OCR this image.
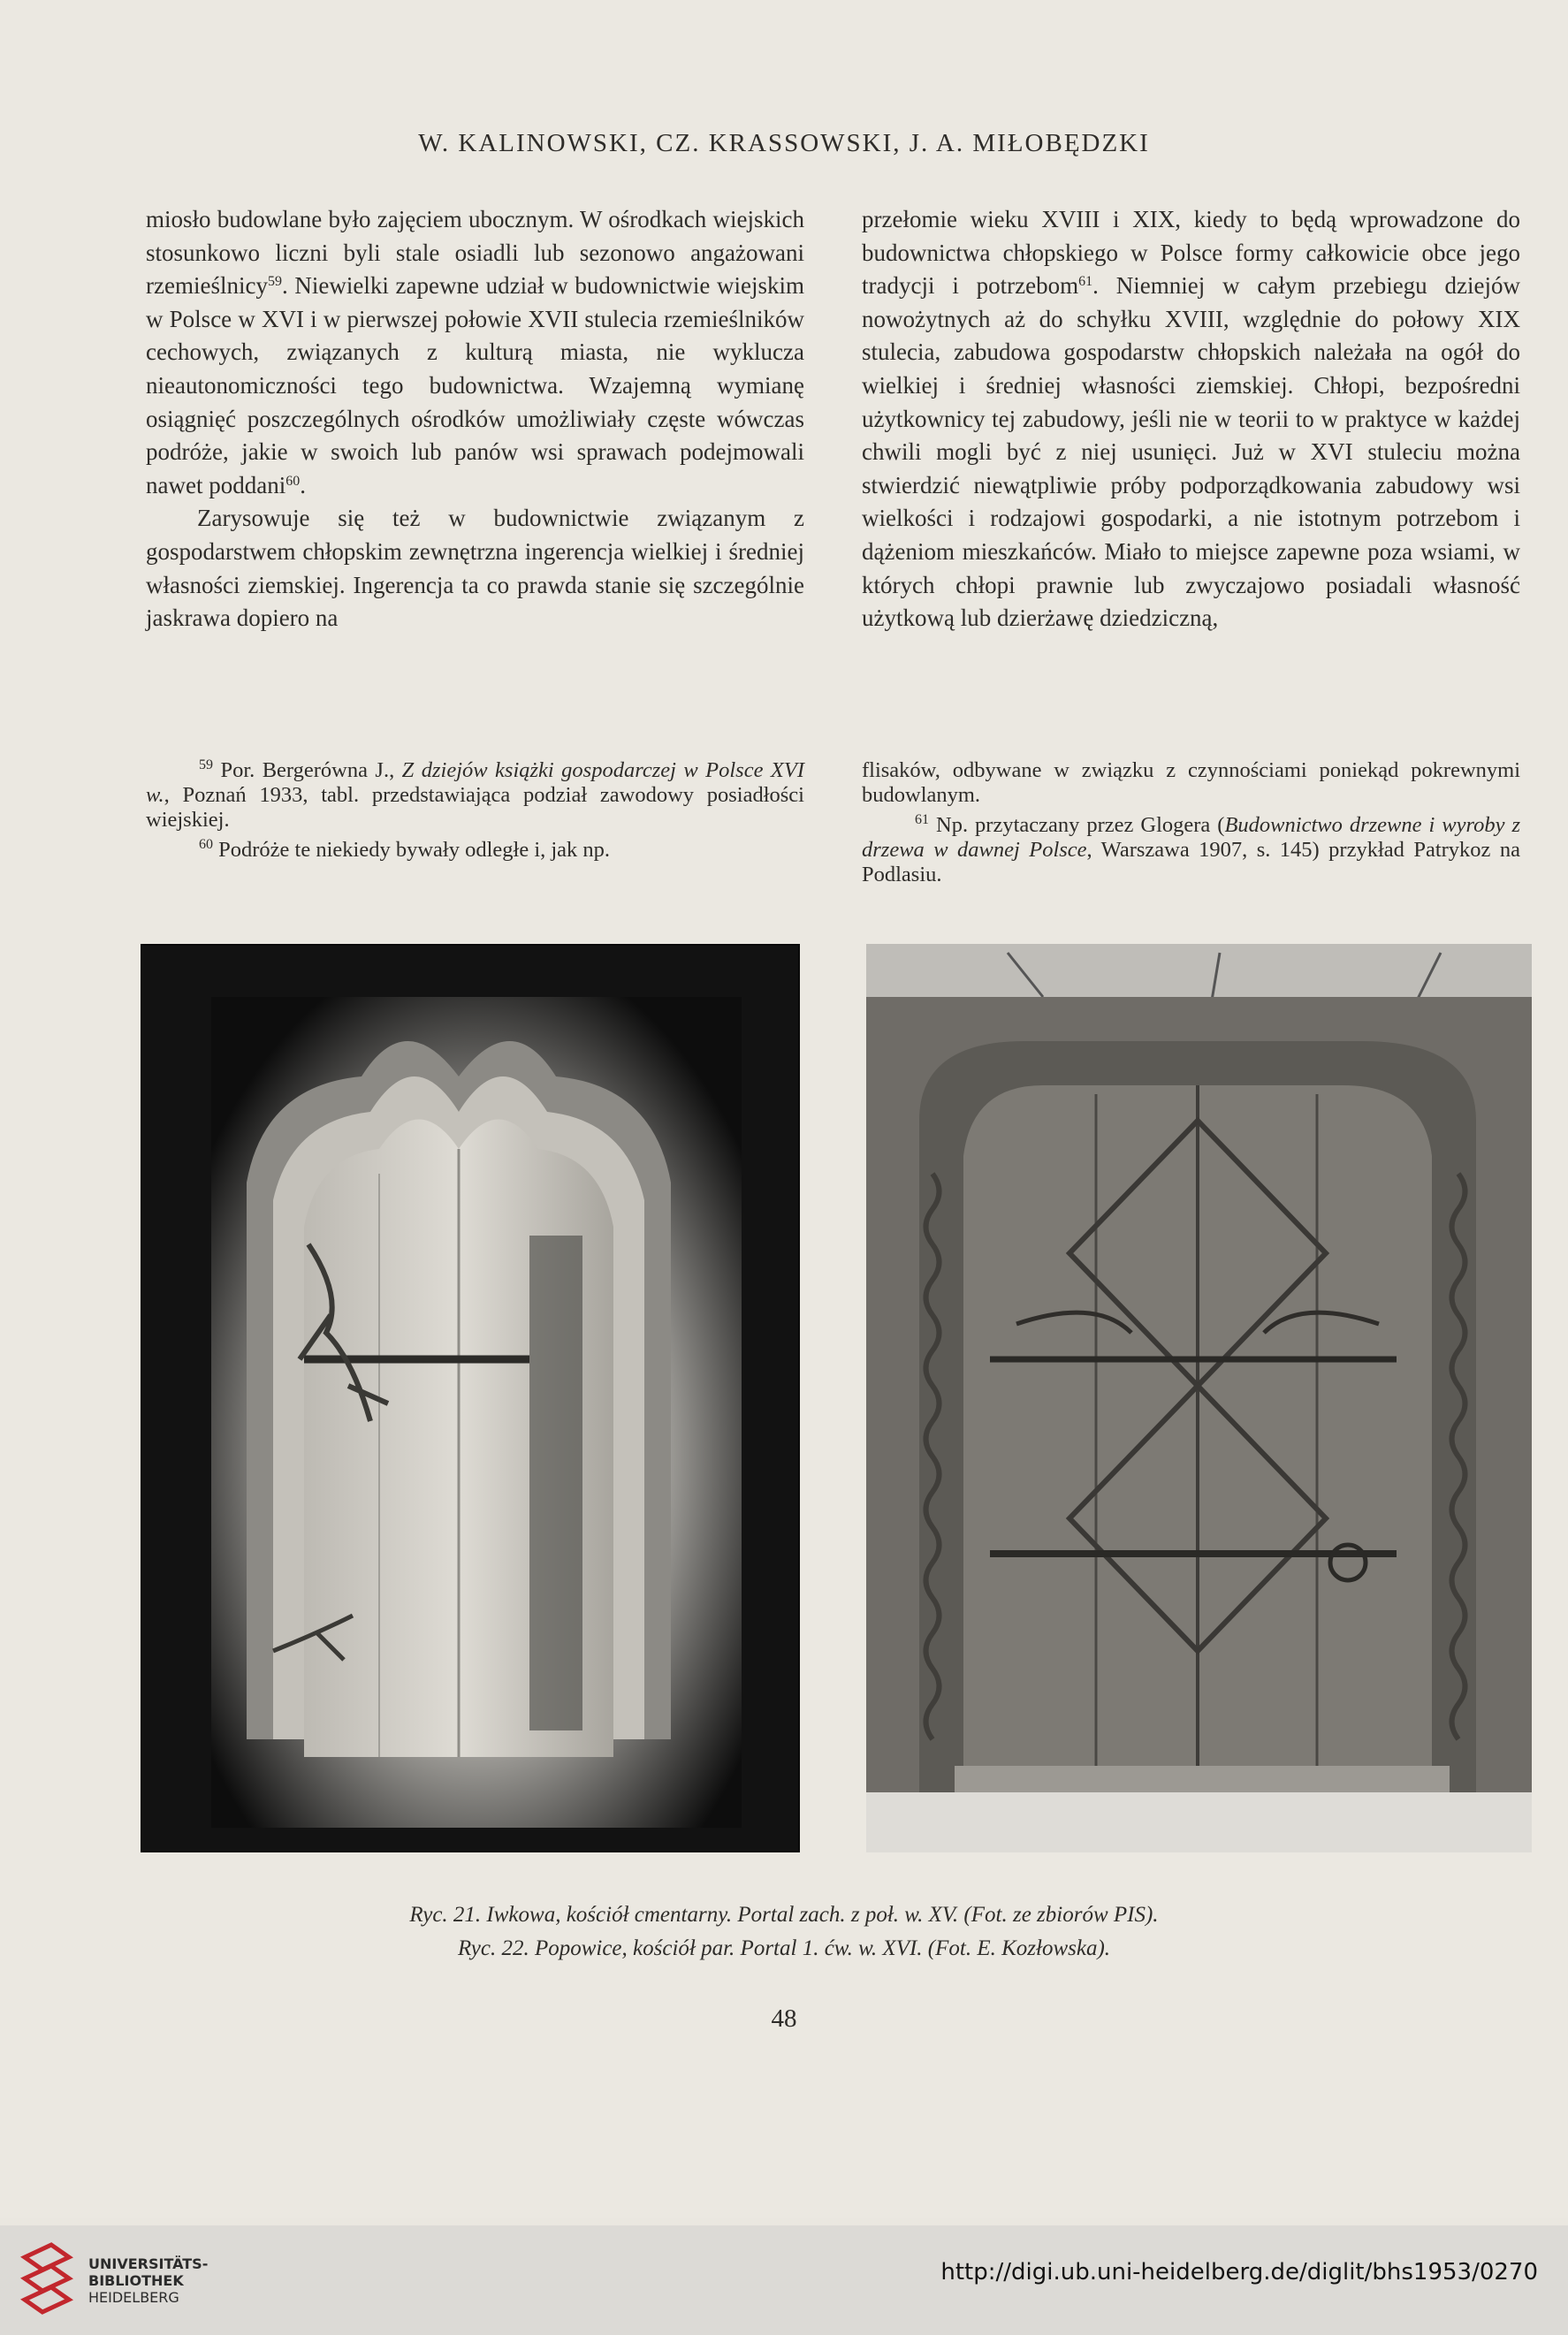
W. KALINOWSKI, CZ. KRASSOWSKI, J. A. MIŁOBĘDZKI

miosło budowlane było zajęciem ubocznym. W ośrodkach wiejskich stosunkowo liczni byli stale osiadli lub sezonowo angażowani rzemieślnicy$^{59}$. Niewielki zapewne udział w budownictwie wiejskim w Polsce w XVI i w pierwszej połowie XVII stulecia rzemieślników cechowych, związanych z kulturą miasta, nie wyklucza nieautonomiczności tego budownictwa. Wzajemną wymianę osiągnięć poszczególnych ośrodków umożliwiały częste wówczas podróże, jakie w swoich lub panów wsi sprawach podejmowali nawet poddani$^{60}$.

Zarysowuje się też w budownictwie związanym z gospodarstwem chłopskim zewnętrzna ingerencja wielkiej i średniej własności ziemskiej. Ingerencja ta co prawda stanie się szczególnie jaskrawa dopiero na

przełomie wieku XVIII i XIX, kiedy to będą wprowadzone do budownictwa chłopskiego w Polsce formy całkowicie obce jego tradycji i potrzebom$^{61}$. Niemniej w całym przebiegu dziejów nowożytnych aż do schyłku XVIII, względnie do połowy XIX stulecia, zabudowa gospodarstw chłopskich należała na ogół do wielkiej i średniej własności ziemskiej. Chłopi, bezpośredni użytkownicy tej zabudowy, jeśli nie w teorii to w praktyce w każdej chwili mogli być z niej usunięci. Już w XVI stuleciu można stwierdzić niewątpliwie próby podporządkowania zabudowy wsi wielkości i rodzajowi gospodarki, a nie istotnym potrzebom i dążeniom mieszkańców. Miało to miejsce zapewne poza wsiami, w których chłopi prawnie lub zwyczajowo posiadali własność użytkową lub dzierżawę dziedziczną,

$^{59}$ Por. Bergerówna J., Z dziejów książki gospodarczej w Polsce XVI w., Poznań 1933, tabl. przedstawiająca podział zawodowy posiadłości wiejskiej.

$^{60}$ Podróże te niekiedy bywały odległe i, jak np.

flisaków, odbywane w związku z czynnościami poniekąd pokrewnymi budowlanym.

$^{61}$ Np. przytaczany przez Glogera (Budownictwo drzewne i wyroby z drzewa w dawnej Polsce, Warszawa 1907, s. 145) przykład Patrykoz na Podlasiu.

Ryc. 21. Iwkowa, kościół cmentarny. Portal zach. z poł. w. XV. (Fot. ze zbiorów PIS).
Ryc. 22. Popowice, kościół par. Portal 1. ćw. w. XVI. (Fot. E. Kozłowska).
48
UNIVERSITÄTS-
BIBLIOTHEK
HEIDELBERG
http://digi.ub.uni-heidelberg.de/diglit/bhs1953/0270
